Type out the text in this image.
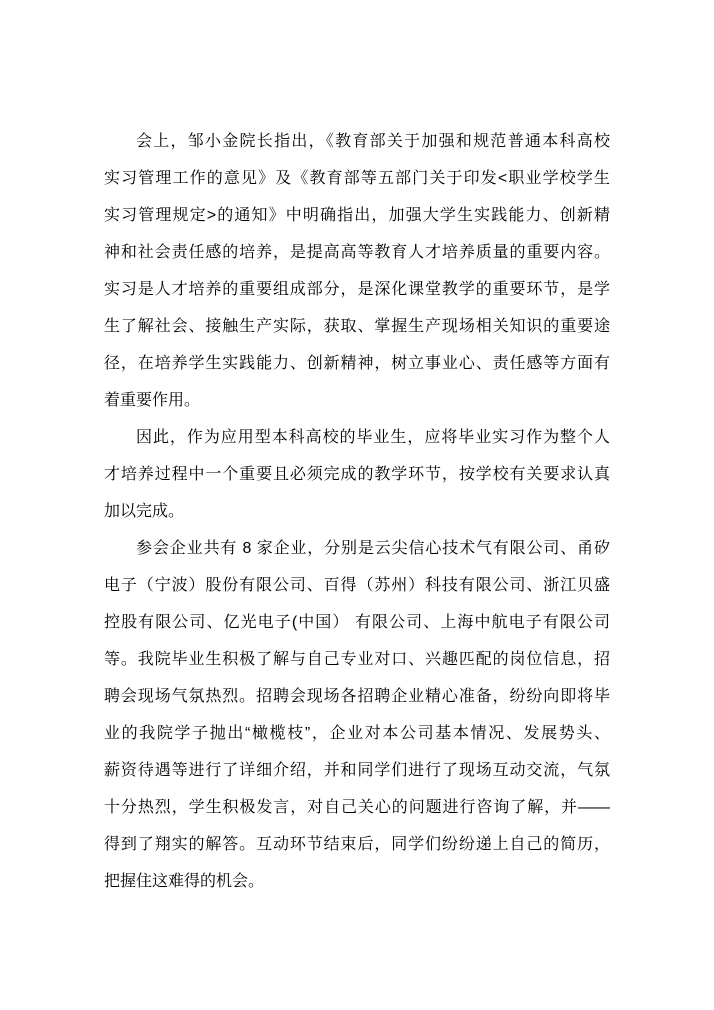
会上，邹小金院长指出，《教育部关于加强和规范普通本科高校
实习管理工作的意见》及《教育部等五部门关于印发<职业学校学生
实习管理规定>的通知》中明确指出，加强大学生实践能力、创新精
神和社会责任感的培养，是提高高等教育人才培养质量的重要内容。
实习是人才培养的重要组成部分，是深化课堂教学的重要环节，是学
生了解社会、接触生产实际，获取、掌握生产现场相关知识的重要途
径，在培养学生实践能力、创新精神，树立事业心、责任感等方面有
着重要作用。
因此，作为应用型本科高校的毕业生，应将毕业实习作为整个人
才培养过程中一个重要且必须完成的教学环节，按学校有关要求认真
加以完成。
参会企业共有 8 家企业，分别是云尖信心技术气有限公司、甬矽
电子（宁波）股份有限公司、百得（苏州）科技有限公司、浙江贝盛
控股有限公司、亿光电子(中国） 有限公司、上海中航电子有限公司
等。我院毕业生积极了解与自己专业对口、兴趣匹配的岗位信息，招
聘会现场气氛热烈。招聘会现场各招聘企业精心准备，纷纷向即将毕
业的我院学子抛出“橄榄枝”，企业对本公司基本情况、发展势头、
薪资待遇等进行了详细介绍，并和同学们进行了现场互动交流，气氛
十分热烈，学生积极发言，对自己关心的问题进行咨询了解，并——
得到了翔实的解答。互动环节结束后，同学们纷纷递上自己的简历，
把握住这难得的机会。
